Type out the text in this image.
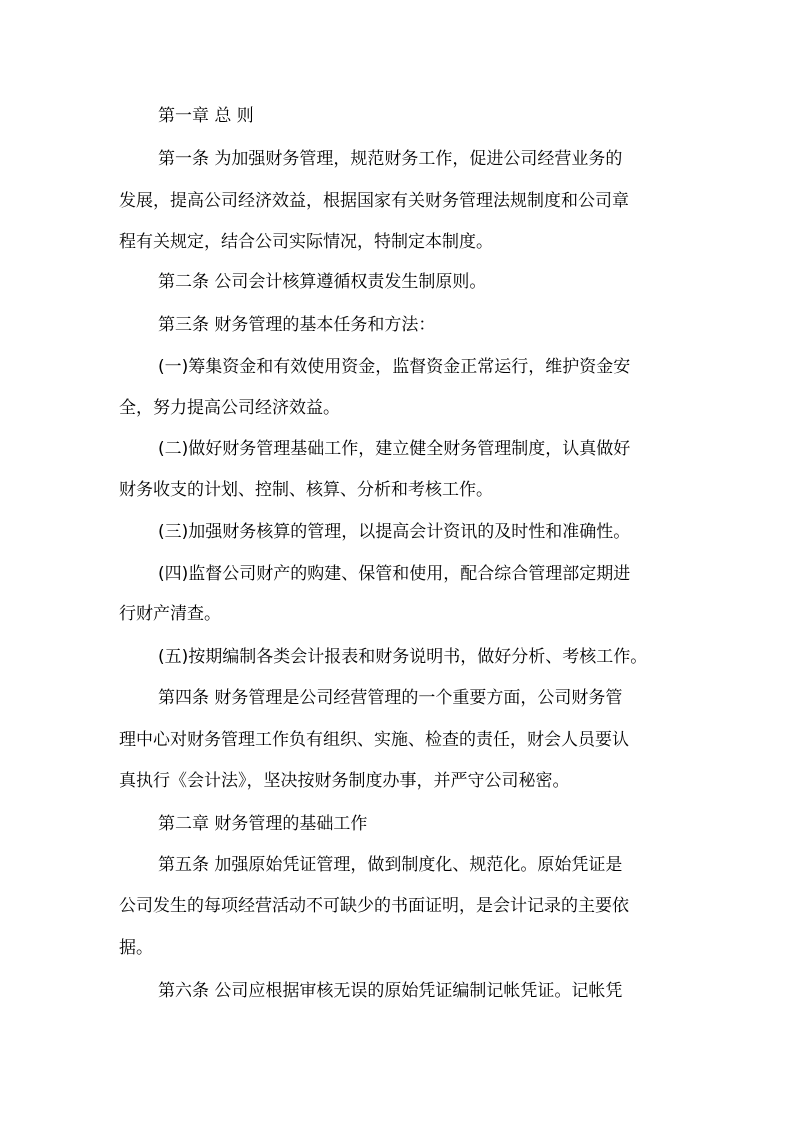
第一章 总 则

第一条 为加强财务管理，规范财务工作，促进公司经营业务的

发展，提高公司经济效益，根据国家有关财务管理法规制度和公司章

程有关规定，结合公司实际情况，特制定本制度。

第二条 公司会计核算遵循权责发生制原则。

第三条 财务管理的基本任务和方法：

(一)筹集资金和有效使用资金，监督资金正常运行，维护资金安

全，努力提高公司经济效益。

(二)做好财务管理基础工作，建立健全财务管理制度，认真做好

财务收支的计划、控制、核算、分析和考核工作。

(三)加强财务核算的管理，以提高会计资讯的及时性和准确性。

(四)监督公司财产的购建、保管和使用，配合综合管理部定期进

行财产清查。

(五)按期编制各类会计报表和财务说明书，做好分析、考核工作。

第四条 财务管理是公司经营管理的一个重要方面，公司财务管

理中心对财务管理工作负有组织、实施、检查的责任，财会人员要认

真执行《会计法》，坚决按财务制度办事，并严守公司秘密。

第二章 财务管理的基础工作

第五条 加强原始凭证管理，做到制度化、规范化。原始凭证是

公司发生的每项经营活动不可缺少的书面证明，是会计记录的主要依

据。

第六条 公司应根据审核无误的原始凭证编制记帐凭证。记帐凭
